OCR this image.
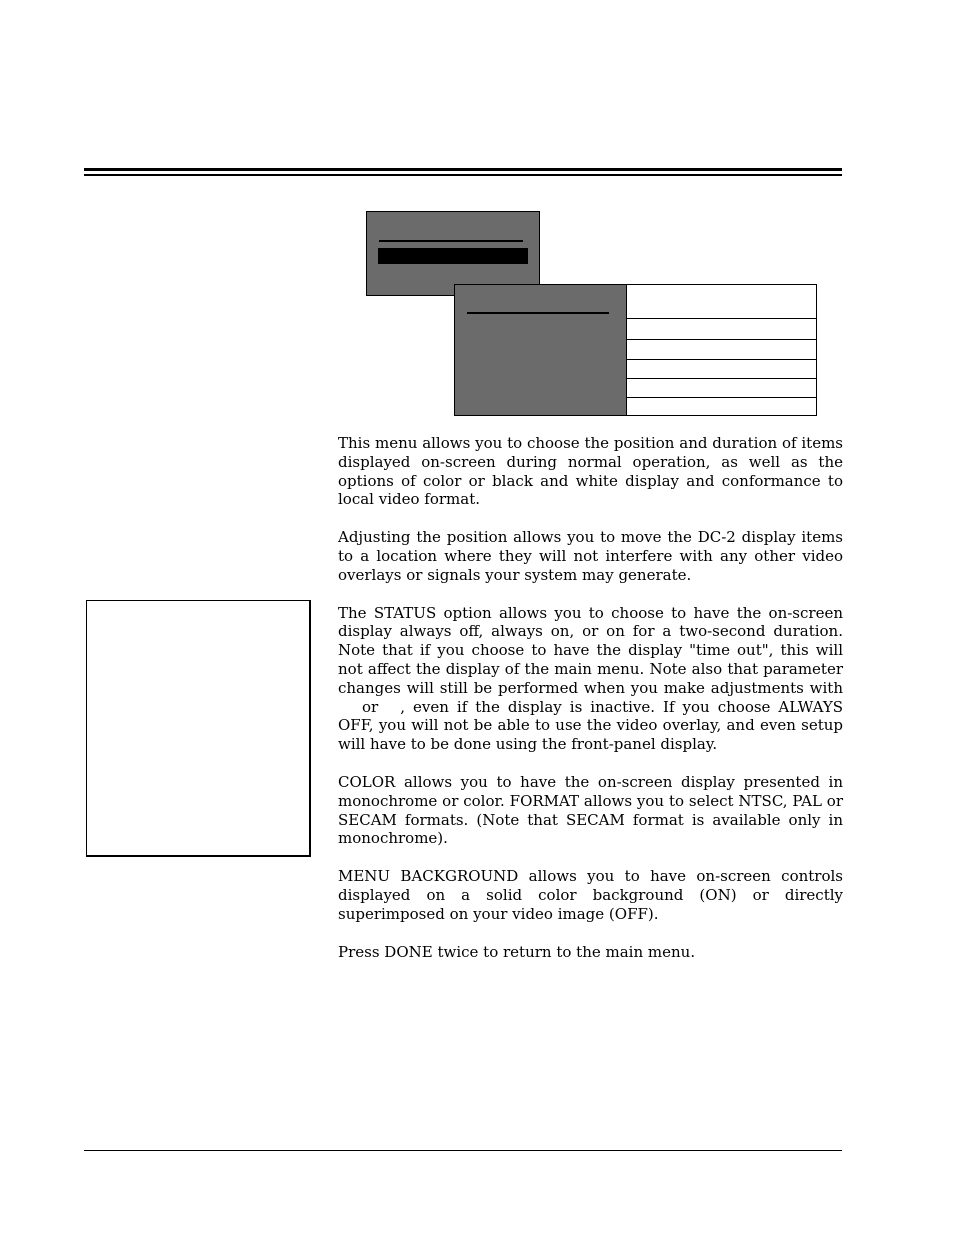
This menu allows you to choose the position and duration of items displayed on-screen during normal operation, as well as the options of color or black and white display and conformance to local video format.

Adjusting the position allows you to move the DC-2 display items to a location where they will not interfere with any other video overlays or signals your system may generate.

The STATUS option allows you to choose to have the on-screen display always off, always on, or on for a two-second duration. Note that if you choose to have the display "time out", this will not affect the display of the main menu. Note also that parameter changes will still be performed when you make adjustments withor , even if the display is inactive. If you choose ALWAYS OFF, you will not be able to use the video overlay, and even setup will have to be done using the front-panel display.

COLOR allows you to have the on-screen display presented in monochrome or color. FORMAT allows you to select NTSC, PAL or SECAM formats. (Note that SECAM format is available only in monochrome).

MENU BACKGROUND allows you to have on-screen controls displayed on a solid color background (ON) or directly superimposed on your video image (OFF).

Press DONE twice to return to the main menu.
